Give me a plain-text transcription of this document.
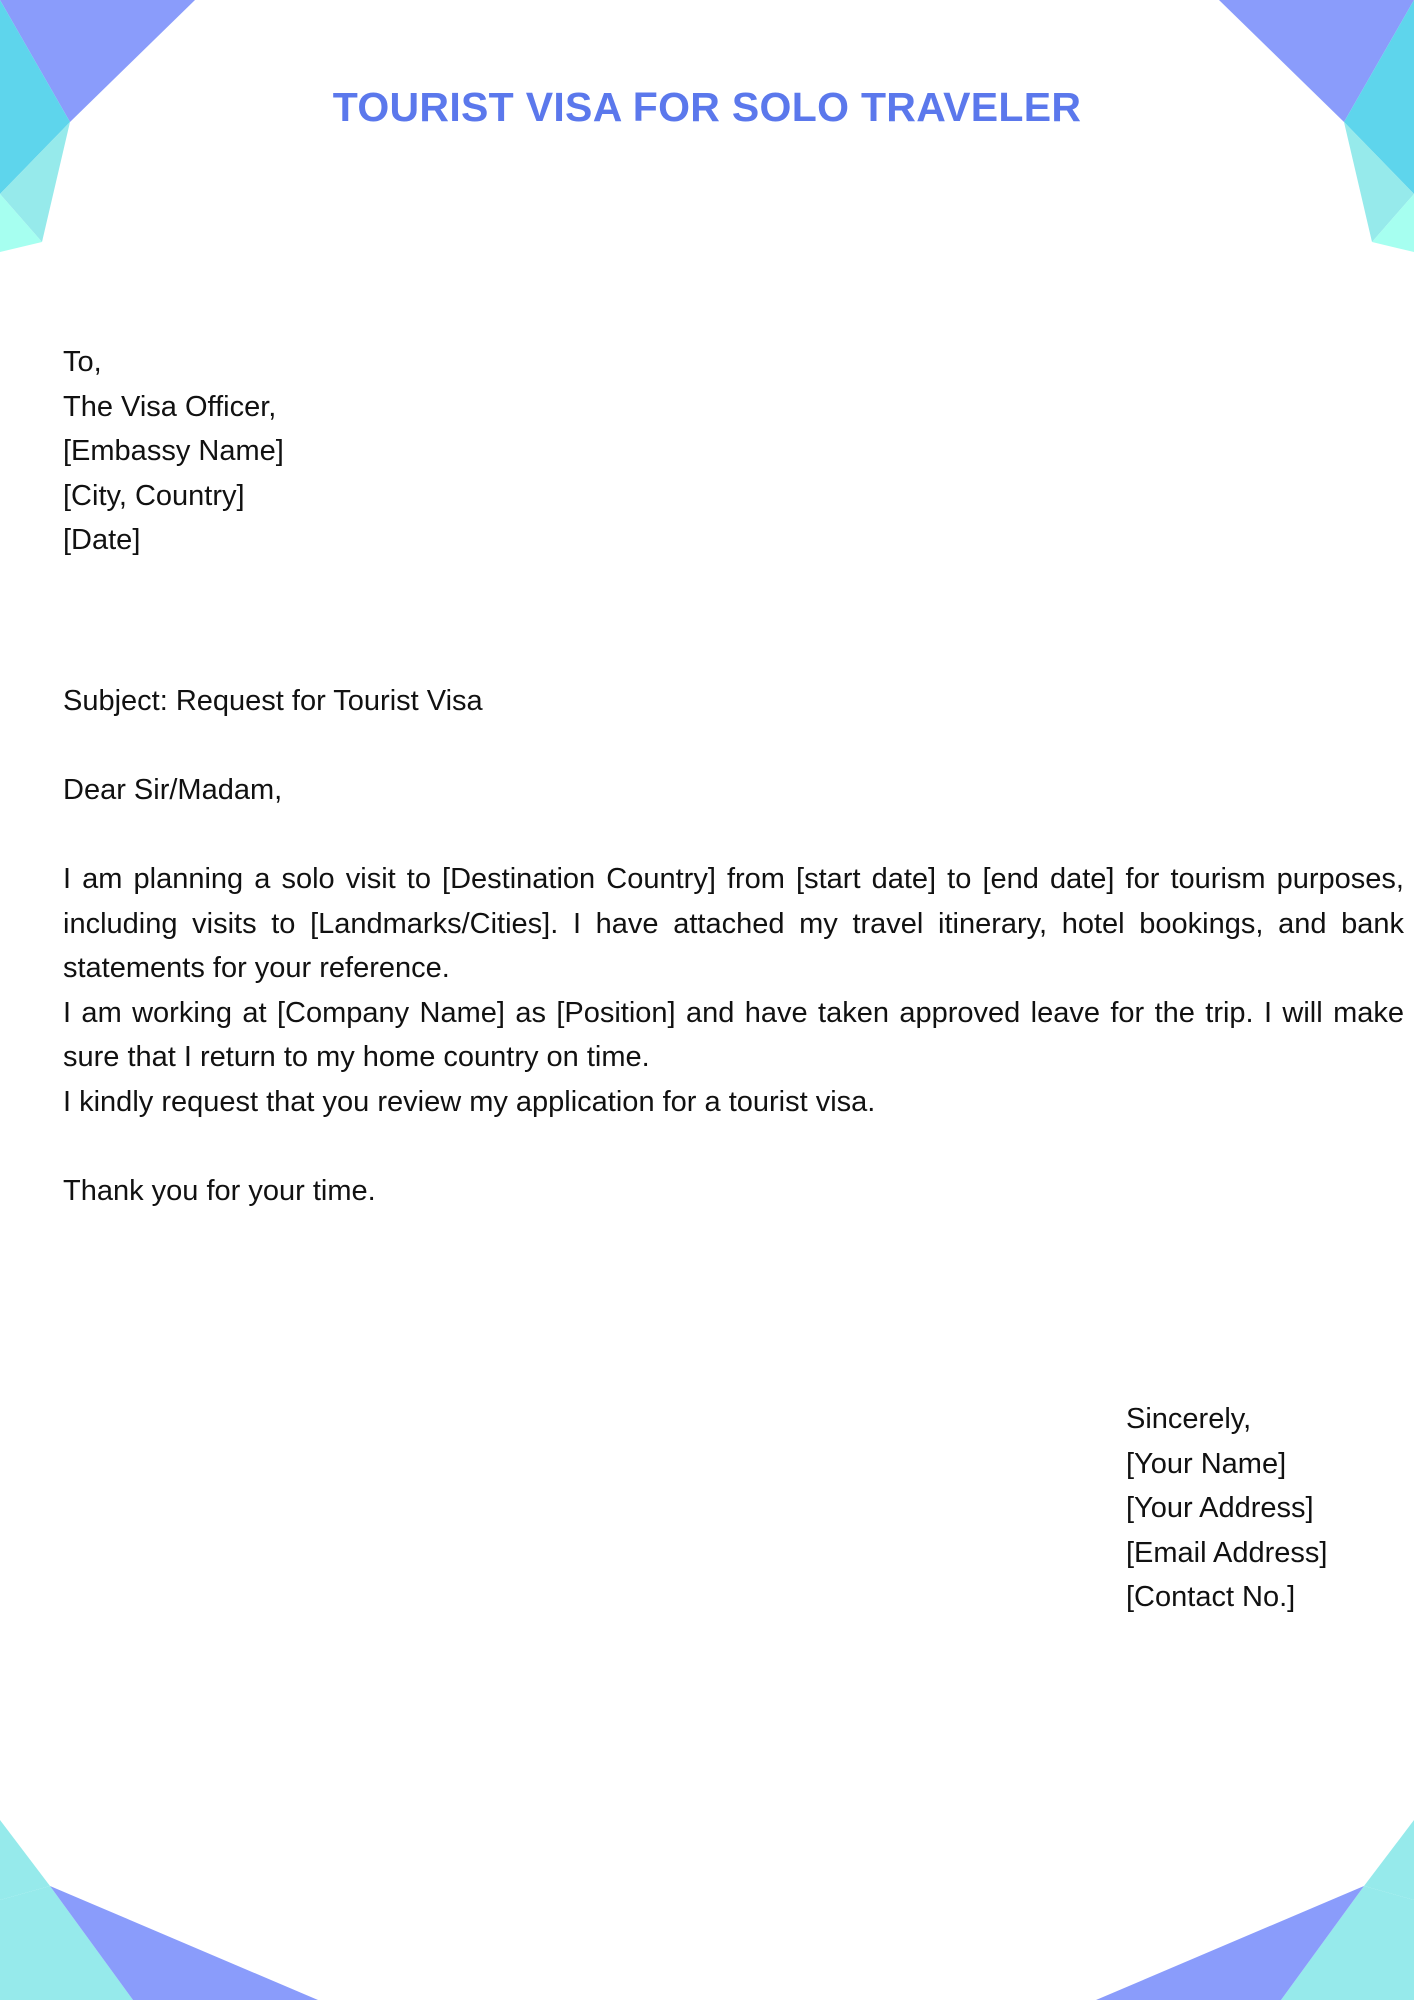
TOURIST VISA FOR SOLO TRAVELER
To,
The Visa Officer,
[Embassy Name]
[City, Country]
[Date]
Subject: Request for Tourist Visa
Dear Sir/Madam,

I am planning a solo visit to [Destination Country] from [start date] to [end date] for tourism purposes, including visits to [Landmarks/Cities]. I have attached my travel itinerary, hotel bookings, and bank statements for your reference.

I am working at [Company Name] as [Position] and have taken approved leave for the trip. I will make sure that I return to my home country on time.

I kindly request that you review my application for a tourist visa.

Thank you for your time.
Sincerely,
[Your Name]
[Your Address]
[Email Address]
[Contact No.]
